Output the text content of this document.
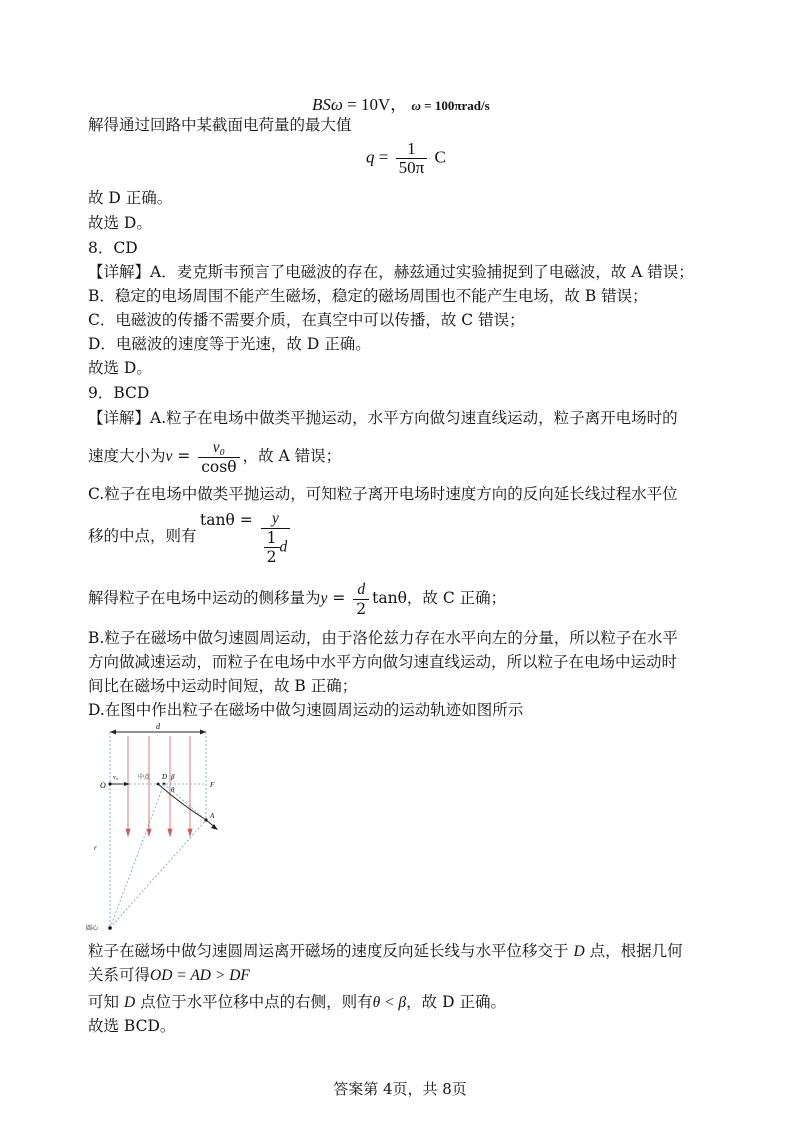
BSω = 10V， ω = 100πrad/s
解得通过回路中某截面电荷量的最大值
$q = \frac{1}{50\pi}$ C
故 D 正确。
故选 D。
8．CD
【详解】A．麦克斯韦预言了电磁波的存在，赫兹通过实验捕捉到了电磁波，故 A 错误；
B．稳定的电场周围不能产生磁场，稳定的磁场周围也不能产生电场，故 B 错误；
C．电磁波的传播不需要介质，在真空中可以传播，故 C 错误；
D．电磁波的速度等于光速，故 D 正确。
故选 D。
9．BCD
【详解】A.粒子在电场中做类平抛运动，水平方向做匀速直线运动，粒子离开电场时的
速度大小为$v = \frac{\text{v₀}}{\cos\theta}$ ，故 A 错误；
C.粒子在电场中做类平抛运动，可知粒子离开电场时速度方向的反向延长线过程水平位
移的中点，则有
$\tan\theta = \frac{y}{\frac{1}{2} d}$
解得粒子在电场中运动的侧移量为$y = \frac{d}{2}$ tanθ，故 C 正确；
B.粒子在磁场中做匀速圆周运动，由于洛伦兹力存在水平向左的分量，所以粒子在水平
方向做减速运动，而粒子在电场中水平方向做匀速直线运动，所以粒子在电场中运动时
间比在磁场中运动时间短，故 B 正确；
D.在图中作出粒子在磁场中做匀速圆周运动的运动轨迹如图所示
d
O
v₀	中点 D β
θ
F
A
r
圆心
粒子在磁场中做匀速圆周运离开磁场的速度反向延长线与水平位移交于 D 点，根据几何
关系可得OD = AD > DF
可知 D 点位于水平位移中点的右侧，则有θ < β，故 D 正确。
故选 BCD。
答案第 4页，共 8页
